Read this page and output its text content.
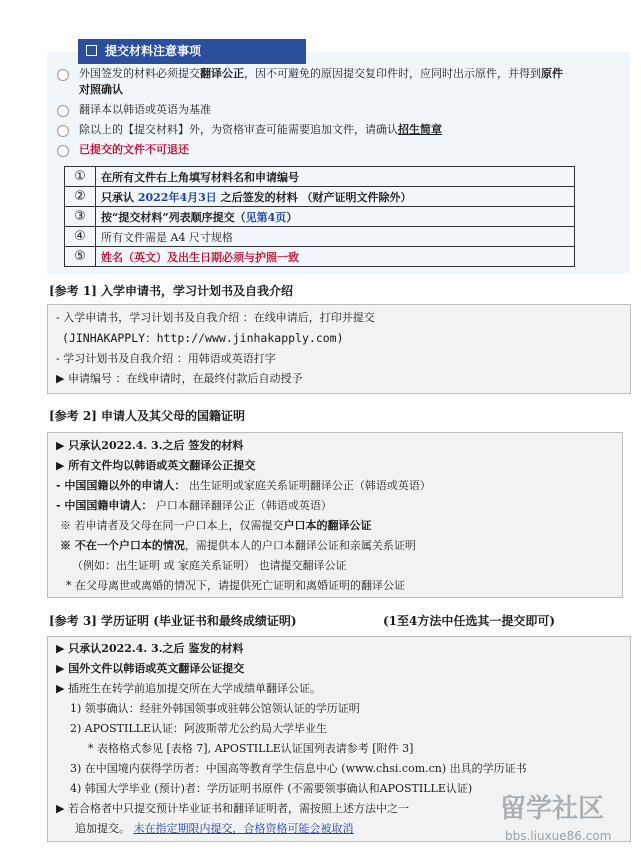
提交材料注意事项
外国签发的材料必须提交翻译公正，因不可避免的原因提交复印件时，应同时出示原件，并得到原件
对照确认
翻译本以韩语或英语为基准
除以上的【提交材料】外，为资格审查可能需要追加文件，请确认招生简章
已提交的文件不可退还
①	在所有文件右上角填写材料名和申请编号
②	只承认 2022年4月3日 之后签发的材料 （财产证明文件除外）
③	按“提交材料”列表顺序提交（见第4页）
④	所有文件需是 A4 尺寸规格
⑤	姓名（英文）及出生日期必须与护照一致
[参考 1] 入学申请书，学习计划书及自我介绍
- 入学申请书，学习计划书及自我介绍 ：在线申请后，打印并提交
(JINHAKAPPLY：http://www.jinhakapply.com)
- 学习计划书及自我介绍 ：用韩语或英语打字
▶ 申请编号 ：在线申请时，在最终付款后自动授予
[参考 2] 申请人及其父母的国籍证明
▶ 只承认2022.4. 3.之后 签发的材料
▶ 所有文件均以韩语或英文翻译公正提交
- 中国国籍以外的申请人： 出生证明或家庭关系证明翻译公正（韩语或英语）
- 中国国籍申请人： 户口本翻译翻译公正（韩语或英语）
※ 若申请者及父母在同一户口本上，仅需提交户口本的翻译公证
※ 不在一个户口本的情况，需提供本人的户口本翻译公证和亲属关系证明
（例如：出生证明 或 家庭关系证明） 也请提交翻译公证
* 在父母离世或离婚的情况下，请提供死亡证明和离婚证明的翻译公证
[参考 3] 学历证明 (毕业证书和最终成绩证明)	(1至4方法中任选其一提交即可)
▶ 只承认2022.4. 3.之后 鉴发的材料
▶ 国外文件以韩语或英文翻译公证提交
▶ 插班生在转学前追加提交所在大学成绩单翻译公证。
1) 领事确认：经驻外韩国领事或驻韩公馆领认证的学历证明
2) APOSTILLE认证：阿波斯蒂尤公约局大学毕业生
* 表格格式参见 [表格 7], APOSTILLE认证国列表请参考 [附件 3]
3) 在中国境内获得学历者：中国高等教育学生信息中心 (www.chsi.com.cn) 出具的学历证书
4) 韩国大学毕业 (预计)者：学历证明书原件 (不需要领事确认和APOSTILLE认证)
▶ 若合格者中只提交预计毕业证书和翻译证明者，需按照上述方法中之一
追加提交。 未在指定期限内提交，合格资格可能会被取消
留学社区
bbs.liuxue86.com
